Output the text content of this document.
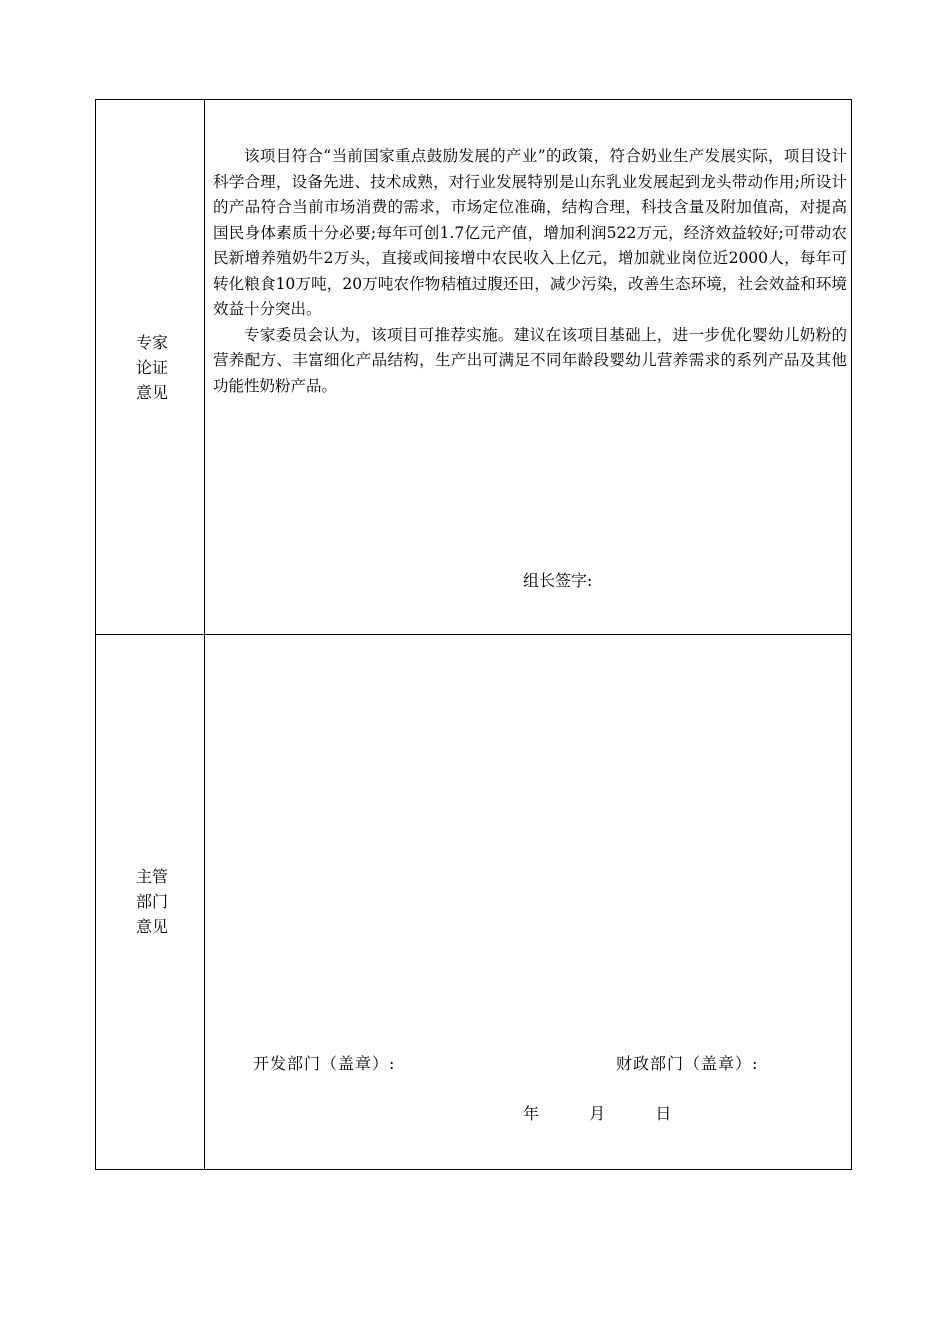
专家论证意见

该项目符合“当前国家重点鼓励发展的产业”的政策，符合奶业生产发展实际，项目设计科学合理，设备先进、技术成熟，对行业发展特别是山东乳业发展起到龙头带动作用;所设计的产品符合当前市场消费的需求，市场定位准确，结构合理，科技含量及附加值高，对提高国民身体素质十分必要;每年可创1.7亿元产值，增加利润522万元，经济效益较好;可带动农民新增养殖奶牛2万头，直接或间接增中农民收入上亿元，增加就业岗位近2000人，每年可转化粮食10万吨，20万吨农作物秸植过腹还田，减少污染，改善生态环境，社会效益和环境效益十分突出。

专家委员会认为，该项目可推荐实施。建议在该项目基础上，进一步优化婴幼儿奶粉的营养配方、丰富细化产品结构，生产出可满足不同年龄段婴幼儿营养需求的系列产品及其他功能性奶粉产品。

组长签字:
主管部门意见
开发部门（盖章）:	财政部门（盖章）:
年	月	日
